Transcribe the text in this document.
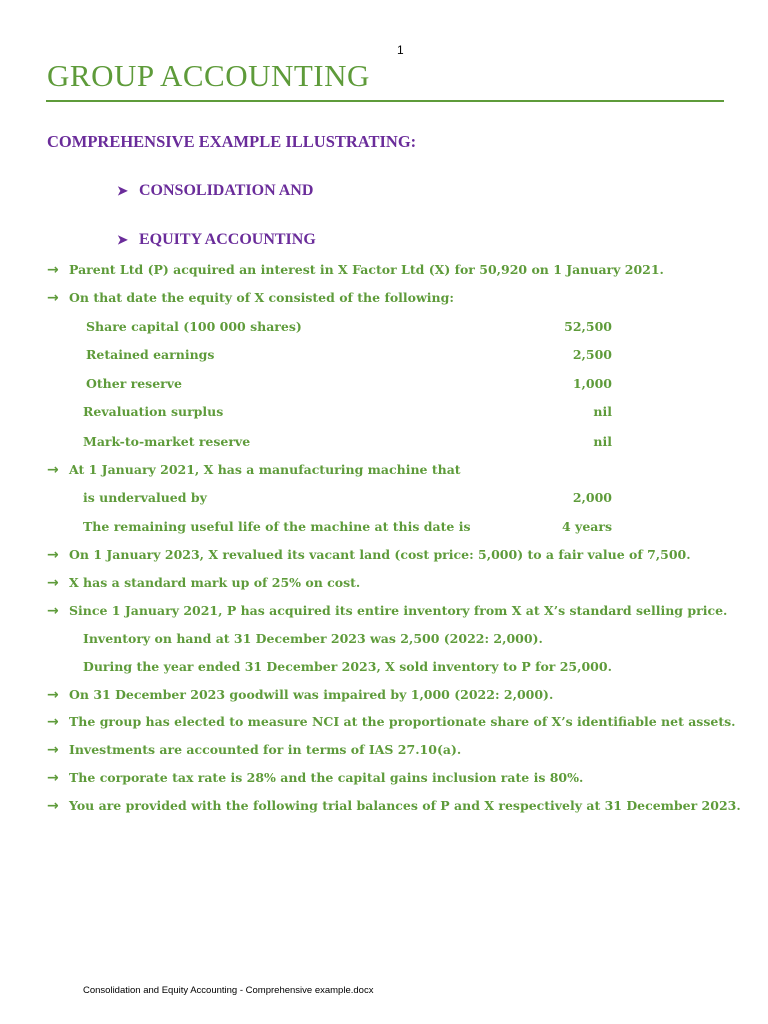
1
GROUP ACCOUNTING
COMPREHENSIVE EXAMPLE ILLUSTRATING:
➤ CONSOLIDATION AND
➤ EQUITY ACCOUNTING
→ Parent Ltd (P) acquired an interest in X Factor Ltd (X) for 50,920 on 1 January 2021.
→ On that date the equity of X consisted of the following:
Share capital (100 000 shares)	52,500
Retained earnings	2,500
Other reserve	1,000
Revaluation surplus	nil
Mark-to-market reserve	nil
→ At 1 January 2021, X has a manufacturing machine that
is undervalued by	2,000
The remaining useful life of the machine at this date is	4 years
→ On 1 January 2023, X revalued its vacant land (cost price: 5,000) to a fair value of 7,500.
→ X has a standard mark up of 25% on cost.
→ Since 1 January 2021, P has acquired its entire inventory from X at X’s standard selling price.
Inventory on hand at 31 December 2023 was 2,500 (2022: 2,000).
During the year ended 31 December 2023, X sold inventory to P for 25,000.
→ On 31 December 2023 goodwill was impaired by 1,000 (2022: 2,000).
→ The group has elected to measure NCI at the proportionate share of X’s identifiable net assets.
→ Investments are accounted for in terms of IAS 27.10(a).
→ The corporate tax rate is 28% and the capital gains inclusion rate is 80%.
→ You are provided with the following trial balances of P and X respectively at 31 December 2023.
Consolidation and Equity Accounting - Comprehensive example.docx
